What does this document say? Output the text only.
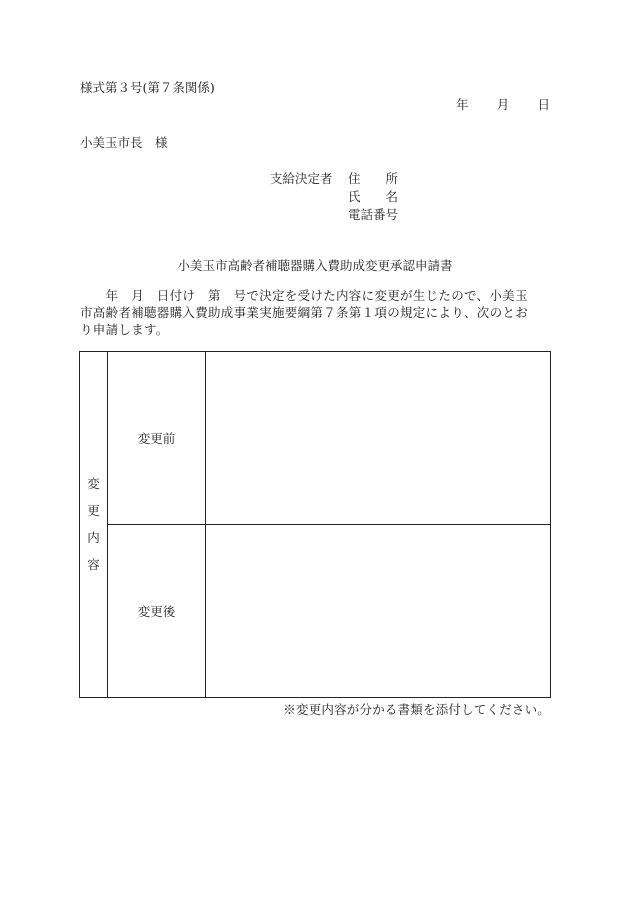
様式第３号(第７条関係)
年 月 日
小美玉市長　様
支給決定者 住　　所
氏　　名
電話番号
小美玉市高齢者補聴器購入費助成変更承認申請書
　　年　月　日付け　第　号で決定を受けた内容に変更が生じたので、小美玉
市高齢者補聴器購入費助成事業実施要綱第７条第１項の規定により、次のとお
り申請します。
変
更
内
容
変更前
変更後
※変更内容が分かる書類を添付してください。
